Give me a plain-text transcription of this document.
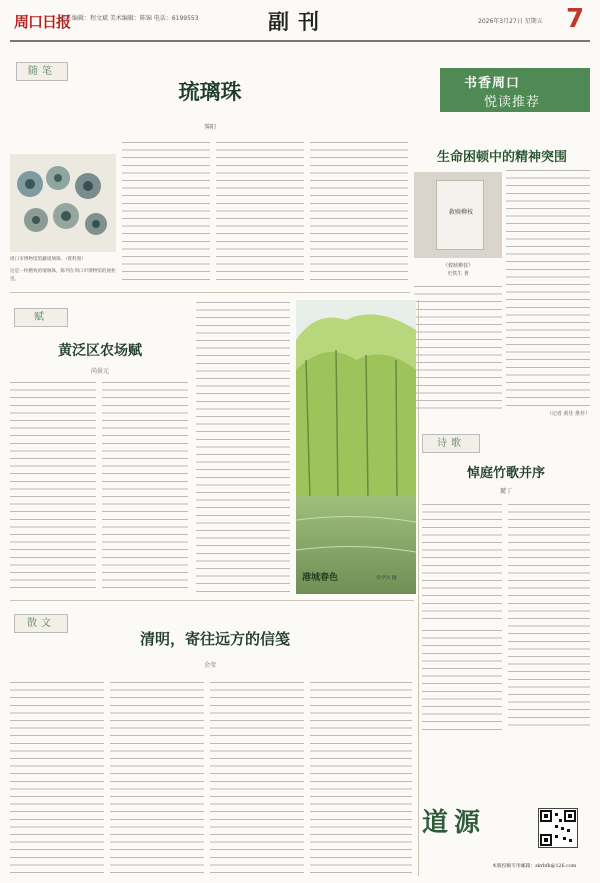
周口日报
责任编辑：程文斌 美术编辑：陈锦 电话：6199553	副刊	2026年3月27日 星期五 7
随笔
琉璃珠
霁阳
周口市博物馆馆藏琉璃珠。（资料图）
这是一枚精致的琉璃珠，陈列在周口市博物馆的展柜里。
书香周口
悦读推荐
生命困顿中的精神突围
救赎柳枝
《救赎柳枝》
史铁生 著
（记者 黄佳 推荐）
赋
黄泛区农场赋
尚景元
港城春色	史学兵 摄
诗歌
悼庭竹歌并序
麓丁
散文
清明，寄往远方的信笺
余莹
道源
本版投稿专用邮箱：zkrbfk@126.com
